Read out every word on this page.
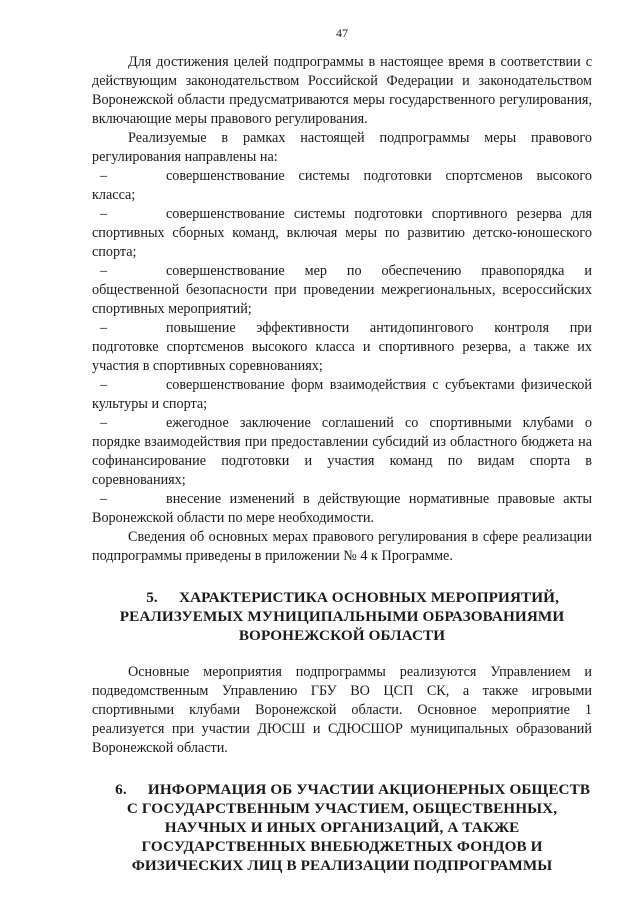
47

Для достижения целей подпрограммы в настоящее время в соответствии с действующим законодательством Российской Федерации и законодательством Воронежской области предусматриваются меры государственного регулирования, включающие меры правового регулирования.

Реализуемые в рамках настоящей подпрограммы меры правового регулирования направлены на:

–	совершенствование системы подготовки спортсменов высокого класса;

–	совершенствование системы подготовки спортивного резерва для спортивных сборных команд, включая меры по развитию детско-юношеского спорта;

–	совершенствование мер по обеспечению правопорядка и общественной безопасности при проведении межрегиональных, всероссийских спортивных мероприятий;

–	повышение эффективности антидопингового контроля при подготовке спортсменов высокого класса и спортивного резерва, а также их участия в спортивных соревнованиях;

–	совершенствование форм взаимодействия с субъектами физической культуры и спорта;

–	ежегодное заключение соглашений со спортивными клубами о порядке взаимодействия при предоставлении субсидий из областного бюджета на софинансирование подготовки и участия команд по видам спорта в соревнованиях;

–	внесение изменений в действующие нормативные правовые акты Воронежской области по мере необходимости.

Сведения об основных мерах правового регулирования в сфере реализации подпрограммы приведены в приложении № 4 к Программе.

5. ХАРАКТЕРИСТИКА ОСНОВНЫХ МЕРОПРИЯТИЙ, РЕАЛИЗУЕМЫХ МУНИЦИПАЛЬНЫМИ ОБРАЗОВАНИЯМИ ВОРОНЕЖСКОЙ ОБЛАСТИ

Основные мероприятия подпрограммы реализуются Управлением и подведомственным Управлению ГБУ ВО ЦСП СК, а также игровыми спортивными клубами Воронежской области. Основное мероприятие 1 реализуется при участии ДЮСШ и СДЮСШОР муниципальных образований Воронежской области.

6. ИНФОРМАЦИЯ ОБ УЧАСТИИ АКЦИОНЕРНЫХ ОБЩЕСТВ С ГОСУДАРСТВЕННЫМ УЧАСТИЕМ, ОБЩЕСТВЕННЫХ, НАУЧНЫХ И ИНЫХ ОРГАНИЗАЦИЙ, А ТАКЖЕ ГОСУДАРСТВЕННЫХ ВНЕБЮДЖЕТНЫХ ФОНДОВ И ФИЗИЧЕСКИХ ЛИЦ В РЕАЛИЗАЦИИ ПОДПРОГРАММЫ
